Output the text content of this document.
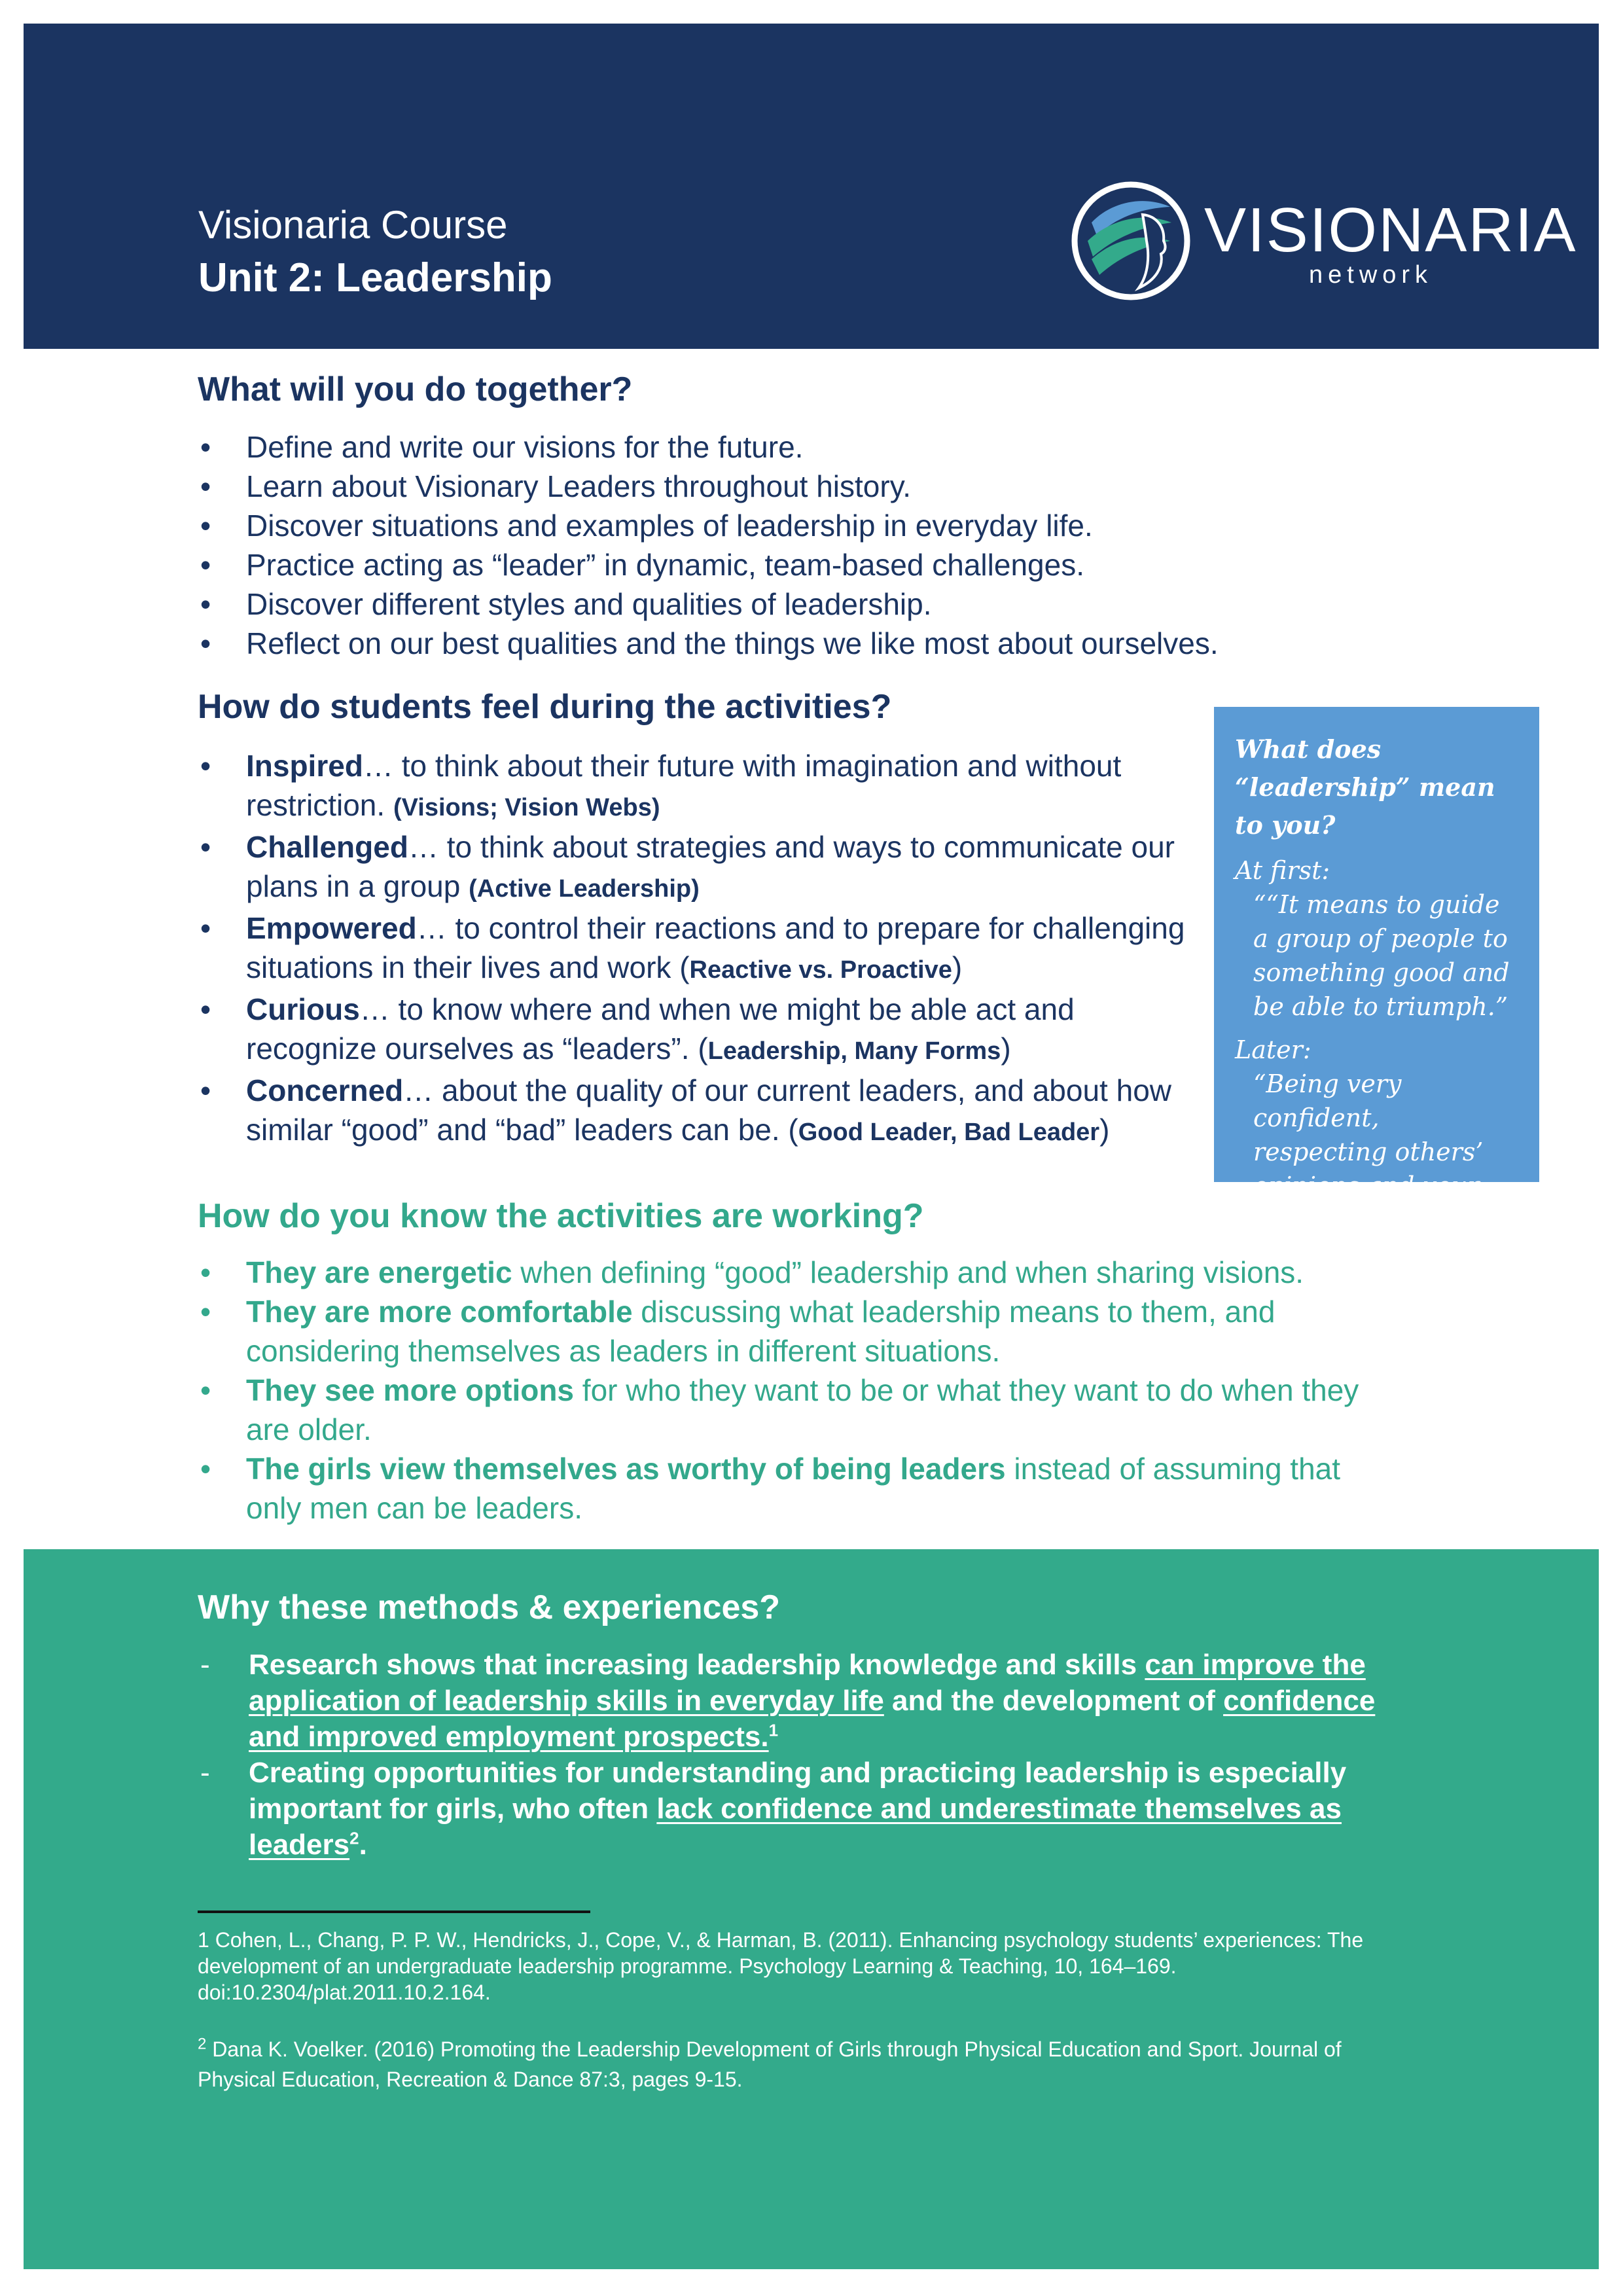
Visionaria Course
Unit 2: Leadership
VISIONARIA
network
What will you do together?
• Define and write our visions for the future.
• Learn about Visionary Leaders throughout history.
• Discover situations and examples of leadership in everyday life.
• Practice acting as “leader” in dynamic, team-based challenges.
• Discover different styles and qualities of leadership.
• Reflect on our best qualities and the things we like most about ourselves.
How do students feel during the activities?
• Inspired… to think about their future with imagination and without restriction. (Visions; Vision Webs)
• Challenged… to think about strategies and ways to communicate our plans in a group (Active Leadership)
• Empowered… to control their reactions and to prepare for challenging situations in their lives and work (Reactive vs. Proactive)
• Curious… to know where and when we might be able act and recognize ourselves as “leaders”. (Leadership, Many Forms)
• Concerned… about the quality of our current leaders, and about how similar “good” and “bad” leaders can be. (Good Leader, Bad Leader)
What does “leadership” mean to you?
At first:
““It means to guide a group of people to something good and be able to triumph.”
Later:
“Being very confident, respecting others’ opinions and your own, listening to others.”
How do you know the activities are working?
• They are energetic when defining “good” leadership and when sharing visions.
• They are more comfortable discussing what leadership means to them, and considering themselves as leaders in different situations.
• They see more options for who they want to be or what they want to do when they are older.
• The girls view themselves as worthy of being leaders instead of assuming that only men can be leaders.
Why these methods & experiences?
- Research shows that increasing leadership knowledge and skills can improve the application of leadership skills in everyday life and the development of confidence and improved employment prospects.$^1$
- Creating opportunities for understanding and practicing leadership is especially important for girls, who often lack confidence and underestimate themselves as leaders$^2$.
1 Cohen, L., Chang, P. P. W., Hendricks, J., Cope, V., & Harman, B. (2011). Enhancing psychology students’ experiences: The development of an undergraduate leadership programme. Psychology Learning & Teaching, 10, 164–169. doi:10.2304/plat.2011.10.2.164.
$^2$ Dana K. Voelker. (2016) Promoting the Leadership Development of Girls through Physical Education and Sport. Journal of Physical Education, Recreation & Dance 87:3, pages 9-15.
